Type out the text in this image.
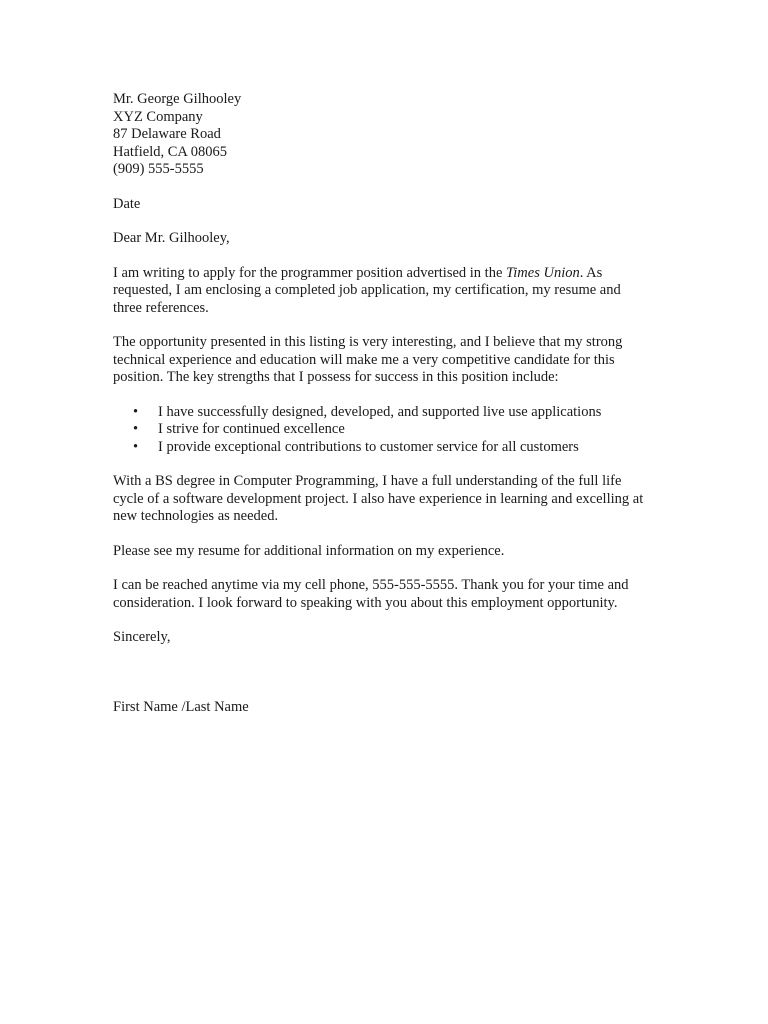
Mr. George Gilhooley
XYZ Company
87 Delaware Road
Hatfield, CA 08065
(909) 555-5555
Date
Dear Mr. Gilhooley,

I am writing to apply for the programmer position advertised in the Times Union. As requested, I am enclosing a completed job application, my certification, my resume and three references.

The opportunity presented in this listing is very interesting, and I believe that my strong technical experience and education will make me a very competitive candidate for this position. The key strengths that I possess for success in this position include:

• I have successfully designed, developed, and supported live use applications
• I strive for continued excellence
• I provide exceptional contributions to customer service for all customers

With a BS degree in Computer Programming, I have a full understanding of the full life cycle of a software development project. I also have experience in learning and excelling at new technologies as needed.

Please see my resume for additional information on my experience.

I can be reached anytime via my cell phone, 555-555-5555. Thank you for your time and consideration. I look forward to speaking with you about this employment opportunity.

Sincerely,
First Name /Last Name
